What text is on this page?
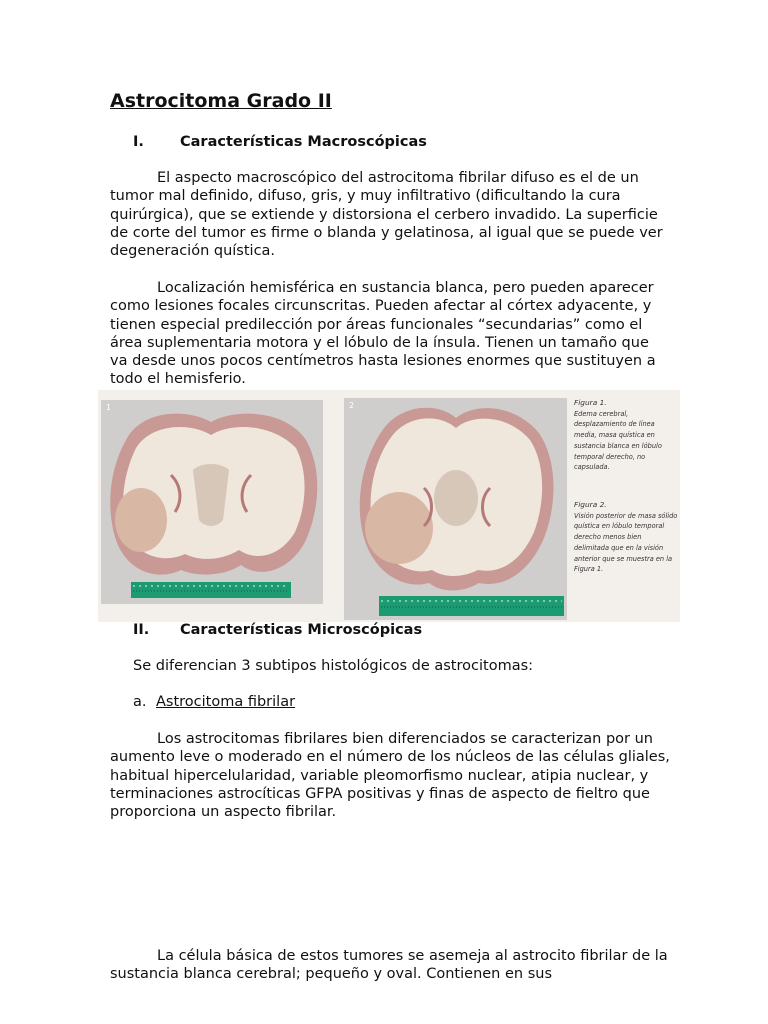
Astrocitoma Grado II
I.	Características Macroscópicas

El aspecto macroscópico del astrocitoma fibrilar difuso es el de un tumor mal definido, difuso, gris, y muy infiltrativo (dificultando la cura quirúrgica), que se extiende y distorsiona el cerbero invadido. La superficie de corte del tumor es firme o blanda y gelatinosa, al igual que se puede ver degeneración quística.

Localización hemisférica en sustancia blanca, pero pueden aparecer como lesiones focales circunscritas. Pueden afectar al córtex adyacente, y tienen especial predilección por áreas funcionales “secundarias” como el área suplementaria motora y el lóbulo de la ínsula. Tienen un tamaño que va desde unos pocos centímetros hasta lesiones enormes que sustituyen a todo el hemisferio.

1	2	Figura 1.
Edema cerebral, desplazamiento de línea media, masa quística en sustancia blanca en lóbulo temporal derecho, no capsulada.
Figura 2.
Visión posterior de masa sólido quística en lóbulo temporal derecho menos bien delimitada que en la visión anterior que se muestra en la Figura 1.
II.	Características Microscópicas

Se diferencian 3 subtipos histológicos de astrocitomas:

a. Astrocitoma fibrilar

Los astrocitomas fibrilares bien diferenciados se caracterizan por un aumento leve o moderado en el número de los núcleos de las células gliales, habitual hipercelularidad, variable pleomorfismo nuclear, atipia nuclear, y terminaciones astrocíticas GFPA positivas y finas de aspecto de fieltro que proporciona un aspecto fibrilar.

La célula básica de estos tumores se asemeja al astrocito fibrilar de la sustancia blanca cerebral; pequeño y oval. Contienen en sus
